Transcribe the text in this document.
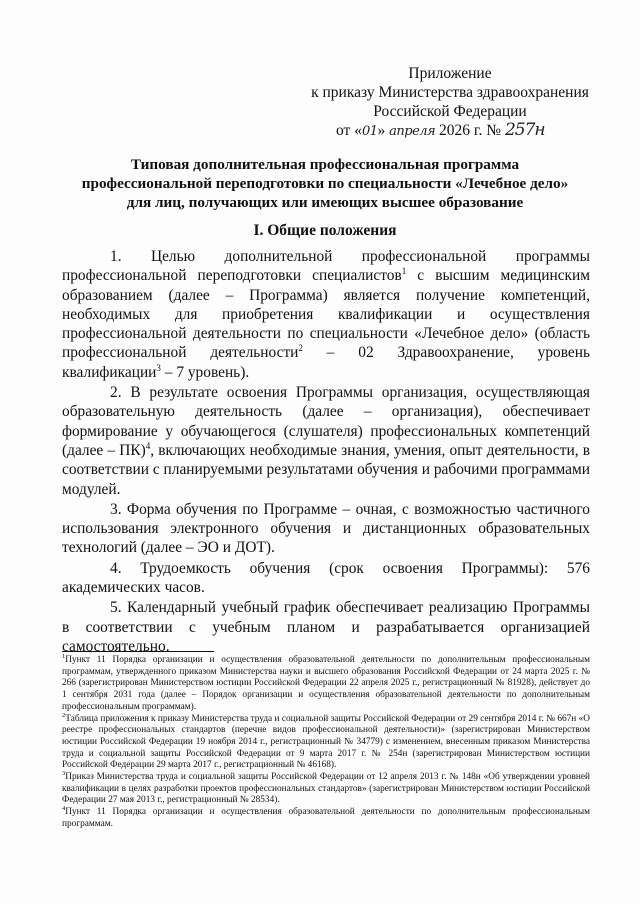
Приложение
к приказу Министерства здравоохранения
Российской Федерации
от «01» апреля 2026 г. № 257н
Типовая дополнительная профессиональная программа
профессиональной переподготовки по специальности «Лечебное дело»
для лиц, получающих или имеющих высшее образование
I. Общие положения

1. Целью дополнительной профессиональной программы профессиональной переподготовки специалистов$^1$ с высшим медицинским образованием (далее – Программа) является получение компетенций, необходимых для приобретения квалификации и осуществления профессиональной деятельности по специальности «Лечебное дело» (область профессиональной деятельности$^2$ – 02 Здравоохранение, уровень квалификации$^3$ – 7 уровень).

2. В результате освоения Программы организация, осуществляющая образовательную деятельность (далее – организация), обеспечивает формирование у обучающегося (слушателя) профессиональных компетенций (далее – ПК)$^4$, включающих необходимые знания, умения, опыт деятельности, в соответствии с планируемыми результатами обучения и рабочими программами модулей.

3. Форма обучения по Программе – очная, с возможностью частичного использования электронного обучения и дистанционных образовательных технологий (далее – ЭО и ДОТ).

4. Трудоемкость обучения (срок освоения Программы): 576 академических часов.

5. Календарный учебный график обеспечивает реализацию Программы в соответствии с учебным планом и разрабатывается организацией самостоятельно.

$^1$Пункт 11 Порядка организации и осуществления образовательной деятельности по дополнительным профессиональным программам, утвержденного приказом Министерства науки и высшего образования Российской Федерации от 24 марта 2025 г. № 266 (зарегистрирован Министерством юстиции Российской Федерации 22 апреля 2025 г., регистрационный № 81928), действует до 1 сентября 2031 года (далее – Порядок организации и осуществления образовательной деятельности по дополнительным профессиональным программам).

$^2$Таблица приложения к приказу Министерства труда и социальной защиты Российской Федерации от 29 сентября 2014 г. № 667н «О реестре профессиональных стандартов (перечне видов профессиональной деятельности)» (зарегистрирован Министерством юстиции Российской Федерации 19 ноября 2014 г., регистрационный № 34779) с изменением, внесенным приказом Министерства труда и социальной защиты Российской Федерации от 9 марта 2017 г. № 254н (зарегистрирован Министерством юстиции Российской Федерации 29 марта 2017 г., регистрационный № 46168).

$^3$Приказ Министерства труда и социальной защиты Российской Федерации от 12 апреля 2013 г. № 148н «Об утверждении уровней квалификации в целях разработки проектов профессиональных стандартов» (зарегистрирован Министерством юстиции Российской Федерации 27 мая 2013 г., регистрационный № 28534).

$^4$Пункт 11 Порядка организации и осуществления образовательной деятельности по дополнительным профессиональным программам.
